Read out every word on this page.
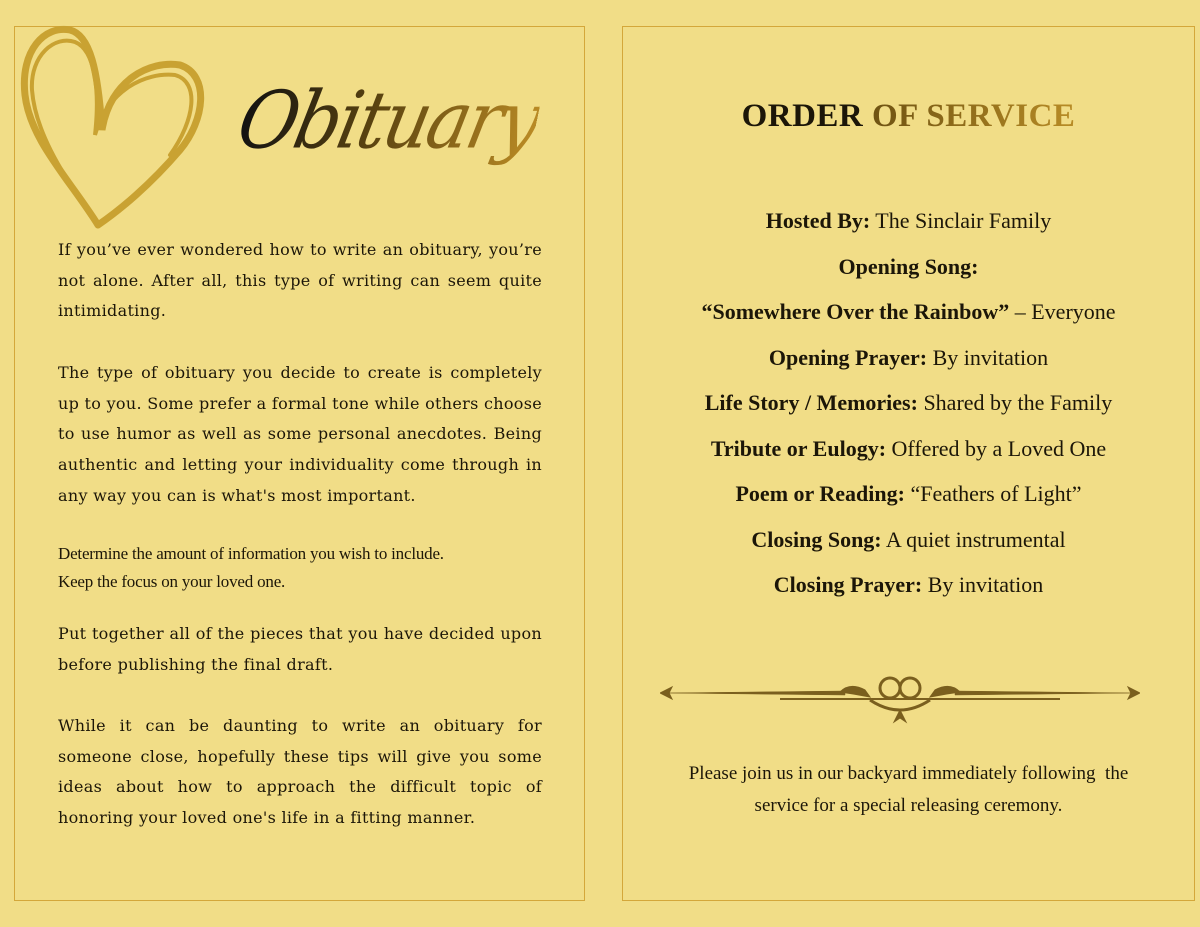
Obituary

If you’ve ever wondered how to write an obituary, you’re not alone. After all, this type of writing can seem quite intimidating.

The type of obituary you decide to create is completely up to you. Some prefer a formal tone while others choose to use humor as well as some personal anecdotes. Being authentic and letting your individuality come through in any way you can is what's most important.

Determine the amount of information you wish to include.
Keep the focus on your loved one.

Put together all of the pieces that you have decided upon before publishing the final draft.

While it can be daunting to write an obituary for someone close, hopefully these tips will give you some ideas about how to approach the difficult topic of honoring your loved one's life in a fitting manner.

ORDER OF SERVICE
Hosted By: The Sinclair Family
Opening Song:
“Somewhere Over the Rainbow” – Everyone
Opening Prayer: By invitation
Life Story / Memories: Shared by the Family
Tribute or Eulogy: Offered by a Loved One
Poem or Reading: “Feathers of Light”
Closing Song: A quiet instrumental
Closing Prayer: By invitation
Please join us in our backyard immediately following  the
service for a special releasing ceremony.
